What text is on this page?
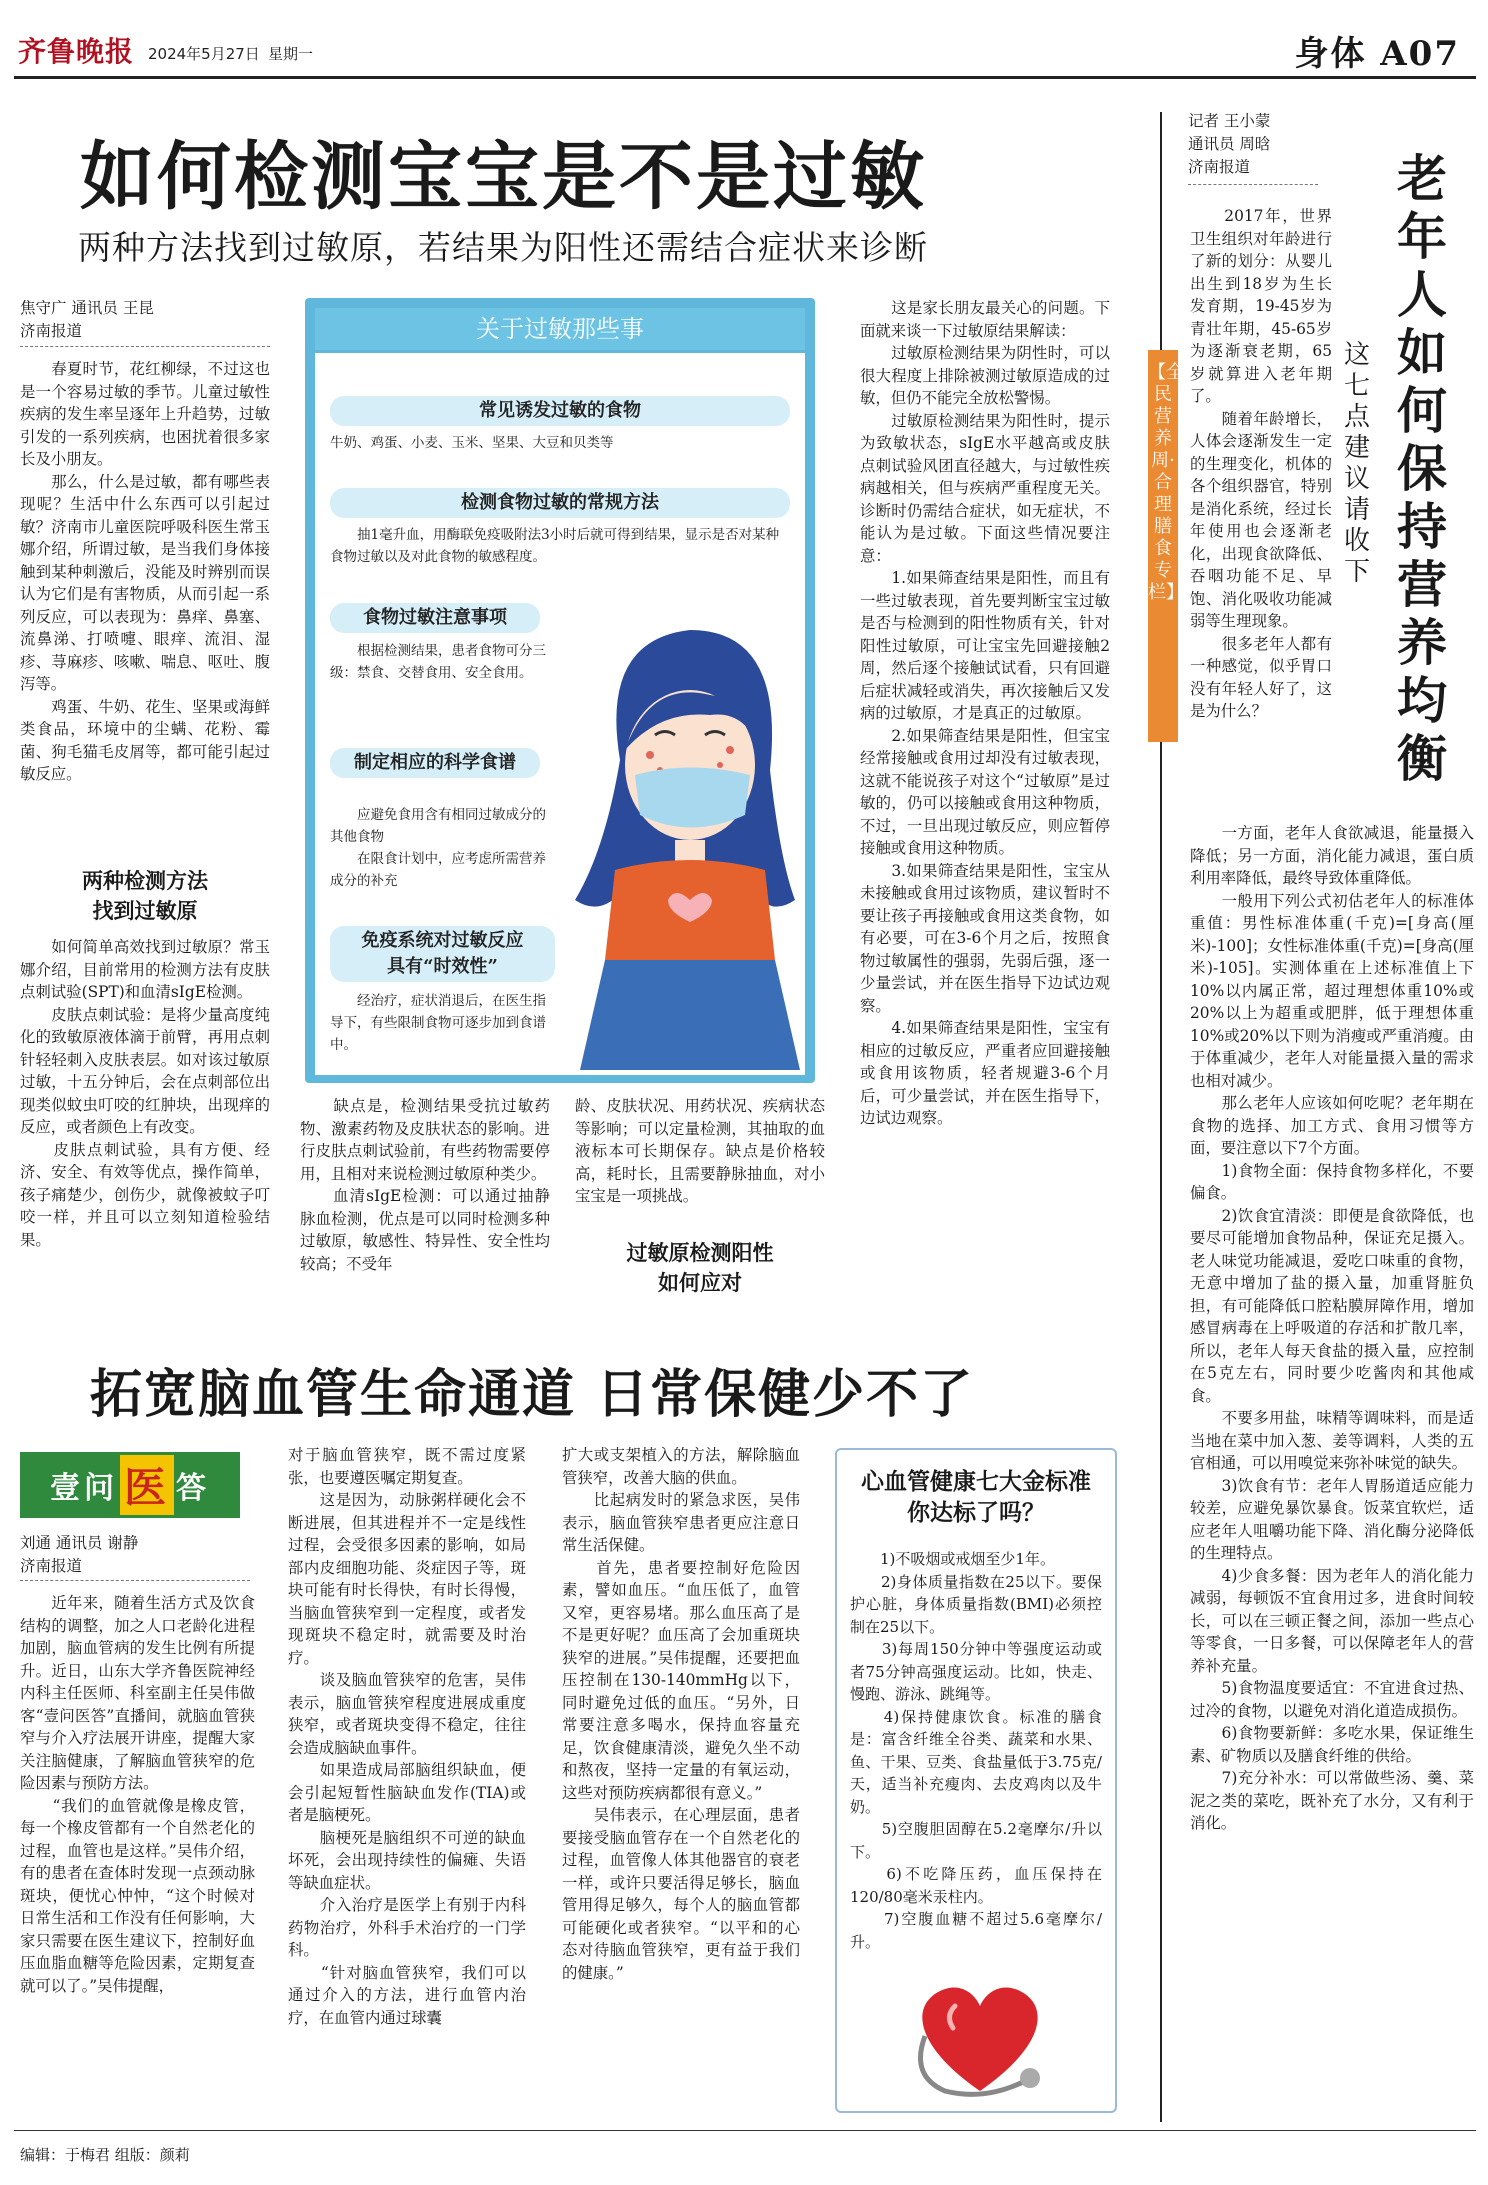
齐鲁晚报 2024年5月27日 星期一	身体 A07
如何检测宝宝是不是过敏
两种方法找到过敏原，若结果为阳性还需结合症状来诊断
焦守广 通讯员 王昆
济南报道
　　春夏时节，花红柳绿，不过这也是一个容易过敏的季节。儿童过敏性疾病的发生率呈逐年上升趋势，过敏引发的一系列疾病，也困扰着很多家长及小朋友。
　　那么，什么是过敏，都有哪些表现呢？生活中什么东西可以引起过敏？济南市儿童医院呼吸科医生常玉娜介绍，所谓过敏，是当我们身体接触到某种刺激后，没能及时辨别而误认为它们是有害物质，从而引起一系列反应，可以表现为：鼻痒、鼻塞、流鼻涕、打喷嚏、眼痒、流泪、湿疹、荨麻疹、咳嗽、喘息、呕吐、腹泻等。
　　鸡蛋、牛奶、花生、坚果或海鲜类食品，环境中的尘螨、花粉、霉菌、狗毛猫毛皮屑等，都可能引起过敏反应。
两种检测方法
找到过敏原
　　如何简单高效找到过敏原？常玉娜介绍，目前常用的检测方法有皮肤点刺试验(SPT)和血清sIgE检测。
　　皮肤点刺试验：是将少量高度纯化的致敏原液体滴于前臂，再用点刺针轻轻刺入皮肤表层。如对该过敏原过敏，十五分钟后，会在点刺部位出现类似蚊虫叮咬的红肿块，出现痒的反应，或者颜色上有改变。
　　皮肤点刺试验，具有方便、经济、安全、有效等优点，操作简单，孩子痛楚少，创伤少，就像被蚊子叮咬一样，并且可以立刻知道检验结果。
　　缺点是，检测结果受抗过敏药物、激素药物及皮肤状态的影响。进行皮肤点刺试验前，有些药物需要停用，且相对来说检测过敏原种类少。
　　血清sIgE检测：可以通过抽静脉血检测，优点是可以同时检测多种过敏原，敏感性、特异性、安全性均较高；不受年
龄、皮肤状况、用药状况、疾病状态等影响；可以定量检测，其抽取的血液标本可长期保存。缺点是价格较高，耗时长，且需要静脉抽血，对小宝宝是一项挑战。
过敏原检测阳性
如何应对
　　这是家长朋友最关心的问题。下面就来谈一下过敏原结果解读：
　　过敏原检测结果为阴性时，可以很大程度上排除被测过敏原造成的过敏，但仍不能完全放松警惕。
　　过敏原检测结果为阳性时，提示为致敏状态，sIgE水平越高或皮肤点刺试验风团直径越大，与过敏性疾病越相关，但与疾病严重程度无关。诊断时仍需结合症状，如无症状，不能认为是过敏。下面这些情况要注意：
　　1.如果筛查结果是阳性，而且有一些过敏表现，首先要判断宝宝过敏是否与检测到的阳性物质有关，针对阳性过敏原，可让宝宝先回避接触2周，然后逐个接触试试看，只有回避后症状减轻或消失，再次接触后又发病的过敏原，才是真正的过敏原。
　　2.如果筛查结果是阳性，但宝宝经常接触或食用过却没有过敏表现，这就不能说孩子对这个“过敏原”是过敏的，仍可以接触或食用这种物质，不过，一旦出现过敏反应，则应暂停接触或食用这种物质。
　　3.如果筛查结果是阳性，宝宝从未接触或食用过该物质，建议暂时不要让孩子再接触或食用这类食物，如有必要，可在3-6个月之后，按照食物过敏属性的强弱，先弱后强，逐一少量尝试，并在医生指导下边试边观察。
　　4.如果筛查结果是阳性，宝宝有相应的过敏反应，严重者应回避接触或食用该物质，轻者规避3-6个月后，可少量尝试，并在医生指导下，边试边观察。
关于过敏那些事
常见诱发过敏的食物
牛奶、鸡蛋、小麦、玉米、坚果、大豆和贝类等
检测食物过敏的常规方法
　　抽1毫升血，用酶联免疫吸附法3小时后就可得到结果，显示是否对某种食物过敏以及对此食物的敏感程度。
食物过敏注意事项
　　根据检测结果，患者食物可分三级：禁食、交替食用、安全食用。
制定相应的科学食谱
　　应避免食用含有相同过敏成分的其他食物
　　在限食计划中，应考虑所需营养成分的补充
免疫系统对过敏反应
具有“时效性”
　　经治疗，症状消退后，在医生指导下，有些限制食物可逐步加到食谱中。
拓宽脑血管生命通道 日常保健少不了
壹问 医 答
刘通 通讯员 谢静
济南报道
　　近年来，随着生活方式及饮食结构的调整，加之人口老龄化进程加剧，脑血管病的发生比例有所提升。近日，山东大学齐鲁医院神经内科主任医师、科室副主任吴伟做客“壹问医答”直播间，就脑血管狭窄与介入疗法展开讲座，提醒大家关注脑健康，了解脑血管狭窄的危险因素与预防方法。
　　“我们的血管就像是橡皮管，每一个橡皮管都有一个自然老化的过程，血管也是这样。”吴伟介绍，有的患者在查体时发现一点颈动脉斑块，便忧心忡忡，“这个时候对日常生活和工作没有任何影响，大家只需要在医生建议下，控制好血压血脂血糖等危险因素，定期复查就可以了。”吴伟提醒，
对于脑血管狭窄，既不需过度紧张，也要遵医嘱定期复查。
　　这是因为，动脉粥样硬化会不断进展，但其进程并不一定是线性过程，会受很多因素的影响，如局部内皮细胞功能、炎症因子等，斑块可能有时长得快，有时长得慢，当脑血管狭窄到一定程度，或者发现斑块不稳定时，就需要及时治疗。
　　谈及脑血管狭窄的危害，吴伟表示，脑血管狭窄程度进展成重度狭窄，或者斑块变得不稳定，往往会造成脑缺血事件。
　　如果造成局部脑组织缺血，便会引起短暂性脑缺血发作(TIA)或者是脑梗死。
　　脑梗死是脑组织不可逆的缺血坏死，会出现持续性的偏瘫、失语等缺血症状。
　　介入治疗是医学上有别于内科药物治疗，外科手术治疗的一门学科。
　　“针对脑血管狭窄，我们可以通过介入的方法，进行血管内治疗，在血管内通过球囊
扩大或支架植入的方法，解除脑血管狭窄，改善大脑的供血。
　　比起病发时的紧急求医，吴伟表示，脑血管狭窄患者更应注意日常生活保健。
　　首先，患者要控制好危险因素，譬如血压。“血压低了，血管又窄，更容易堵。那么血压高了是不是更好呢？血压高了会加重斑块狭窄的进展。”吴伟提醒，还要把血压控制在130-140mmHg以下，同时避免过低的血压。“另外，日常要注意多喝水，保持血容量充足，饮食健康清淡，避免久坐不动和熬夜，坚持一定量的有氧运动，这些对预防疾病都很有意义。”
　　吴伟表示，在心理层面，患者要接受脑血管存在一个自然老化的过程，血管像人体其他器官的衰老一样，或许只要活得足够长，脑血管用得足够久，每个人的脑血管都可能硬化或者狭窄。“以平和的心态对待脑血管狭窄，更有益于我们的健康。”
心血管健康七大金标准
你达标了吗？
　　1)不吸烟或戒烟至少1年。
　　2)身体质量指数在25以下。要保护心脏，身体质量指数(BMI)必须控制在25以下。
　　3)每周150分钟中等强度运动或者75分钟高强度运动。比如，快走、慢跑、游泳、跳绳等。
　　4)保持健康饮食。标准的膳食是：富含纤维全谷类、蔬菜和水果、鱼、干果、豆类、食盐量低于3.75克/天，适当补充瘦肉、去皮鸡肉以及牛奶。
　　5)空腹胆固醇在5.2毫摩尔/升以下。
　　6)不吃降压药，血压保持在120/80毫米汞柱内。
　　7)空腹血糖不超过5.6毫摩尔/升。
记者 王小蒙
通讯员 周晗
济南报道	老年人如何保持营养均衡
这七点建议请收下
【全民营养周·合理膳食专栏】
　　2017年，世界卫生组织对年龄进行了新的划分：从婴儿出生到18岁为生长发育期，19-45岁为青壮年期，45-65岁为逐渐衰老期，65岁就算进入老年期了。
　　随着年龄增长，人体会逐渐发生一定的生理变化，机体的各个组织器官，特别是消化系统，经过长年使用也会逐渐老化，出现食欲降低、吞咽功能不足、早饱、消化吸收功能减弱等生理现象。
　　很多老年人都有一种感觉，似乎胃口没有年轻人好了，这是为什么？
　　一方面，老年人食欲减退，能量摄入降低；另一方面，消化能力减退，蛋白质利用率降低，最终导致体重降低。
　　一般用下列公式初估老年人的标准体重值：男性标准体重(千克)=[身高(厘米)-100]；女性标准体重(千克)=[身高(厘米)-105]。实测体重在上述标准值上下10%以内属正常，超过理想体重10%或20%以上为超重或肥胖，低于理想体重10%或20%以下则为消瘦或严重消瘦。由于体重减少，老年人对能量摄入量的需求也相对减少。
　　那么老年人应该如何吃呢？老年期在食物的选择、加工方式、食用习惯等方面，要注意以下7个方面。
　　1)食物全面：保持食物多样化，不要偏食。
　　2)饮食宜清淡：即便是食欲降低，也要尽可能增加食物品种，保证充足摄入。老人味觉功能减退，爱吃口味重的食物，无意中增加了盐的摄入量，加重肾脏负担，有可能降低口腔粘膜屏障作用，增加感冒病毒在上呼吸道的存活和扩散几率，所以，老年人每天食盐的摄入量，应控制在5克左右，同时要少吃酱肉和其他咸食。
　　不要多用盐，味精等调味料，而是适当地在菜中加入葱、姜等调料，人类的五官相通，可以用嗅觉来弥补味觉的缺失。
　　3)饮食有节：老年人胃肠道适应能力较差，应避免暴饮暴食。饭菜宜软烂，适应老年人咀嚼功能下降、消化酶分泌降低的生理特点。
　　4)少食多餐：因为老年人的消化能力减弱，每顿饭不宜食用过多，进食时间较长，可以在三顿正餐之间，添加一些点心等零食，一日多餐，可以保障老年人的营养补充量。
　　5)食物温度要适宜：不宜进食过热、过冷的食物，以避免对消化道造成损伤。
　　6)食物要新鲜：多吃水果，保证维生素、矿物质以及膳食纤维的供给。
　　7)充分补水：可以常做些汤、羹、菜泥之类的菜吃，既补充了水分，又有利于消化。
编辑：于梅君 组版：颜莉
